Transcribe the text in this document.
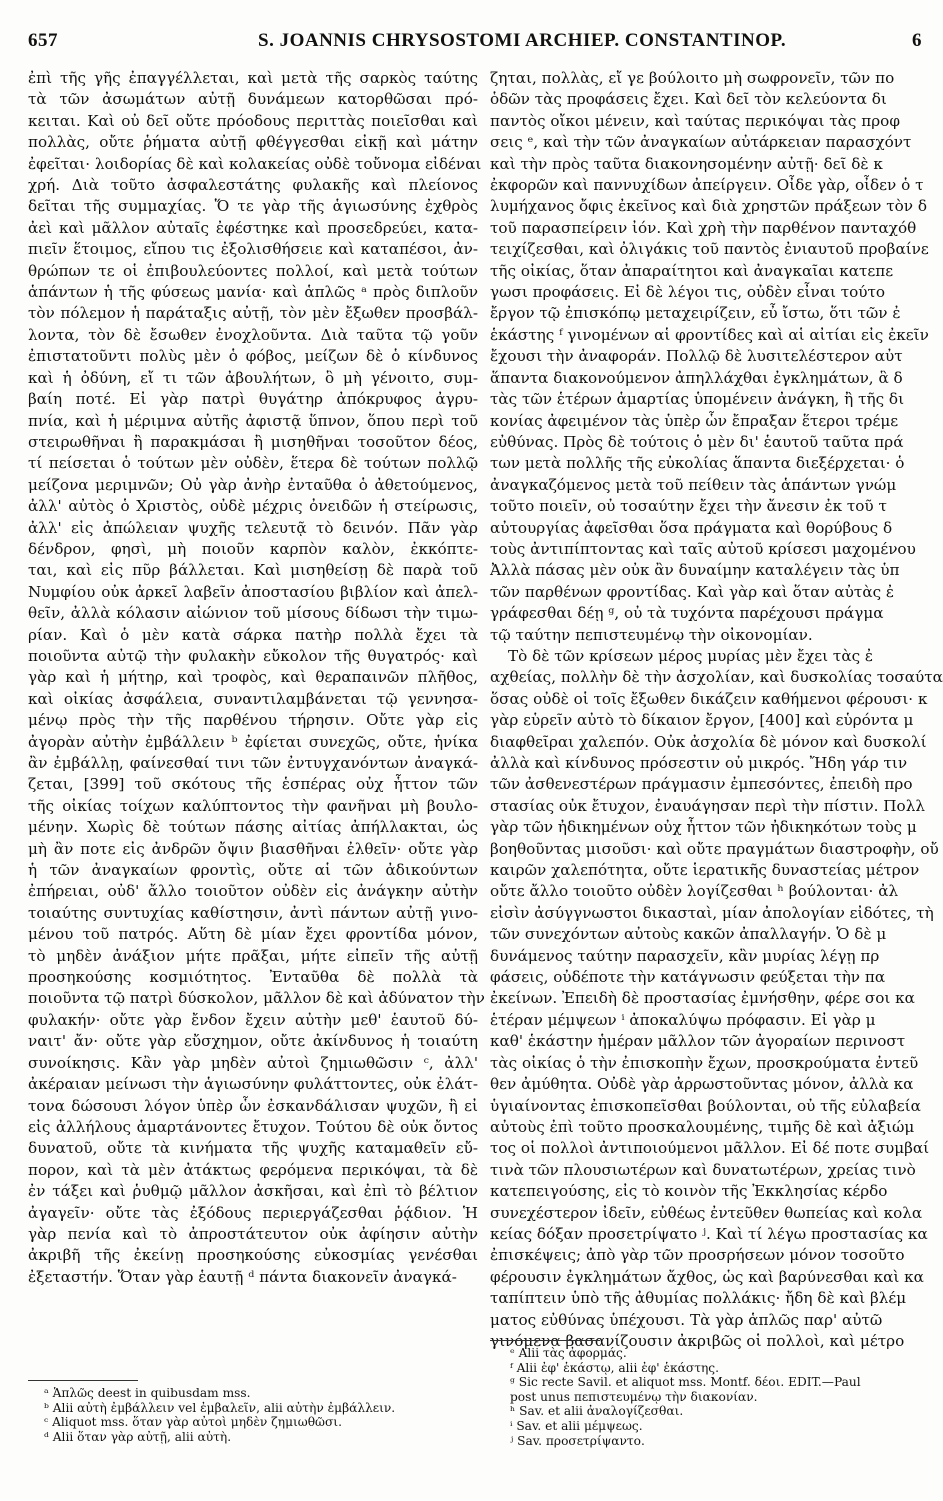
657	S. JOANNIS CHRYSOSTOMI ARCHIEP. CONSTANTINOP.	6
ἐπὶ τῆς γῆς ἐπαγγέλλεται, καὶ μετὰ τῆς σαρκὸς ταύτης
τὰ τῶν ἀσωμάτων αὐτῇ δυνάμεων κατορθῶσαι πρό-
κειται. Καὶ οὐ δεῖ οὔτε πρόοδους περιττὰς ποιεῖσθαι καὶ
πολλὰς, οὔτε ῥήματα αὐτῇ φθέγγεσθαι εἰκῇ καὶ μάτην
ἐφεῖται· λοιδορίας δὲ καὶ κολακείας οὐδὲ τοὔνομα εἰδέναι
χρή. Διὰ τοῦτο ἀσφαλεστάτης φυλακῆς καὶ πλείονος
δεῖται τῆς συμμαχίας. Ὅ τε γὰρ τῆς ἁγιωσύνης ἐχθρὸς
ἀεὶ καὶ μᾶλλον αὐταῖς ἐφέστηκε καὶ προσεδρεύει, κατα-
πιεῖν ἕτοιμος, εἴπου τις ἐξολισθήσειε καὶ καταπέσοι, ἀν-
θρώπων τε οἱ ἐπιβουλεύοντες πολλοί, καὶ μετὰ τούτων
ἁπάντων ἡ τῆς φύσεως μανία· καὶ ἁπλῶς ᵃ πρὸς διπλοῦν
τὸν πόλεμον ἡ παράταξις αὐτῇ, τὸν μὲν ἔξωθεν προσβάλ-
λοντα, τὸν δὲ ἔσωθεν ἐνοχλοῦντα. Διὰ ταῦτα τῷ γοῦν
ἐπιστατοῦντι πολὺς μὲν ὁ φόβος, μείζων δὲ ὁ κίνδυνος
καὶ ἡ ὀδύνη, εἴ τι τῶν ἀβουλήτων, ὃ μὴ γένοιτο, συμ-
βαίη ποτέ. Εἰ γὰρ πατρὶ θυγάτηρ ἀπόκρυφος ἀγρυ-
πνία, καὶ ἡ μέριμνα αὐτῆς ἀφιστᾷ ὕπνον, ὅπου περὶ τοῦ
στειρωθῆναι ἢ παρακμάσαι ἢ μισηθῆναι τοσοῦτον δέος,
τί πείσεται ὁ τούτων μὲν οὐδὲν, ἕτερα δὲ τούτων πολλῷ
μείζονα μεριμνῶν; Οὐ γὰρ ἀνὴρ ἐνταῦθα ὁ ἀθετούμενος,
ἀλλ' αὐτὸς ὁ Χριστὸς, οὐδὲ μέχρις ὀνειδῶν ἡ στείρωσις,
ἀλλ' εἰς ἀπώλειαν ψυχῆς τελευτᾷ τὸ δεινόν. Πᾶν γὰρ
δένδρον, φησὶ, μὴ ποιοῦν καρπὸν καλὸν, ἐκκόπτε-
ται, καὶ εἰς πῦρ βάλλεται. Καὶ μισηθείσῃ δὲ παρὰ τοῦ
Νυμφίου οὐκ ἀρκεῖ λαβεῖν ἀποστασίου βιβλίον καὶ ἀπελ-
θεῖν, ἀλλὰ κόλασιν αἰώνιον τοῦ μίσους δίδωσι τὴν τιμω-
ρίαν. Καὶ ὁ μὲν κατὰ σάρκα πατὴρ πολλὰ ἔχει τὰ
ποιοῦντα αὐτῷ τὴν φυλακὴν εὔκολον τῆς θυγατρός· καὶ
γὰρ καὶ ἡ μήτηρ, καὶ τροφὸς, καὶ θεραπαινῶν πλῆθος,
καὶ οἰκίας ἀσφάλεια, συναντιλαμβάνεται τῷ γεννησα-
μένῳ πρὸς τὴν τῆς παρθένου τήρησιν. Οὔτε γὰρ εἰς
ἀγορὰν αὐτὴν ἐμβάλλειν ᵇ ἐφίεται συνεχῶς, οὔτε, ἡνίκα
ἂν ἐμβάλλῃ, φαίνεσθαί τινι τῶν ἐντυγχανόντων ἀναγκά-
ζεται, [399] τοῦ σκότους τῆς ἑσπέρας οὐχ ἧττον τῶν
τῆς οἰκίας τοίχων καλύπτοντος τὴν φανῆναι μὴ βουλο-
μένην. Χωρὶς δὲ τούτων πάσης αἰτίας ἀπήλλακται, ὡς
μὴ ἂν ποτε εἰς ἀνδρῶν ὄψιν βιασθῆναι ἐλθεῖν· οὔτε γὰρ
ἡ τῶν ἀναγκαίων φροντὶς, οὔτε αἱ τῶν ἀδικούντων
ἐπήρειαι, οὐδ' ἄλλο τοιοῦτον οὐδὲν εἰς ἀνάγκην αὐτὴν
τοιαύτης συντυχίας καθίστησιν, ἀντὶ πάντων αὐτῇ γινο-
μένου τοῦ πατρός. Αὕτη δὲ μίαν ἔχει φροντίδα μόνον,
τὸ μηδὲν ἀνάξιον μήτε πρᾶξαι, μήτε εἰπεῖν τῆς αὐτῇ
προσηκούσης κοσμιότητος. Ἐνταῦθα δὲ πολλὰ τὰ
ποιοῦντα τῷ πατρὶ δύσκολον, μᾶλλον δὲ καὶ ἀδύνατον τὴν
φυλακήν· οὔτε γὰρ ἔνδον ἔχειν αὐτὴν μεθ' ἑαυτοῦ δύ-
ναιτ' ἄν· οὔτε γὰρ εὔσχημον, οὔτε ἀκίνδυνος ἡ τοιαύτη
συνοίκησις. Κἂν γὰρ μηδὲν αὐτοὶ ζημιωθῶσιν ᶜ, ἀλλ'
ἀκέραιαν μείνωσι τὴν ἁγιωσύνην φυλάττοντες, οὐκ ἐλάτ-
τονα δώσουσι λόγον ὑπὲρ ὧν ἐσκανδάλισαν ψυχῶν, ἢ εἰ
εἰς ἀλλήλους ἁμαρτάνοντες ἔτυχον. Τούτου δὲ οὐκ ὄντος
δυνατοῦ, οὔτε τὰ κινήματα τῆς ψυχῆς καταμαθεῖν εὔ-
πορον, καὶ τὰ μὲν ἀτάκτως φερόμενα περικόψαι, τὰ δὲ
ἐν τάξει καὶ ῥυθμῷ μᾶλλον ἀσκῆσαι, καὶ ἐπὶ τὸ βέλτιον
ἀγαγεῖν· οὔτε τὰς ἐξόδους περιεργάζεσθαι ῥᾴδιον. Ἡ
γὰρ πενία καὶ τὸ ἀπροστάτευτον οὐκ ἀφίησιν αὐτὴν
ἀκριβῆ τῆς ἐκείνῃ προσηκούσης εὐκοσμίας γενέσθαι
ἐξεταστήν. Ὅταν γὰρ ἑαυτῇ ᵈ πάντα διακονεῖν ἀναγκά-
ζηται, πολλὰς, εἴ γε βούλοιτο μὴ σωφρονεῖν, τῶν πο
ὁδῶν τὰς προφάσεις ἔχει. Καὶ δεῖ τὸν κελεύοντα δι
παντὸς οἴκοι μένειν, καὶ ταύτας περικόψαι τὰς προφ
σεις ᵉ, καὶ τὴν τῶν ἀναγκαίων αὐτάρκειαν παρασχόντ
καὶ τὴν πρὸς ταῦτα διακονησομένην αὐτῇ· δεῖ δὲ κ
ἐκφορῶν καὶ παννυχίδων ἀπείργειν. Οἶδε γὰρ, οἶδεν ὁ τ
λυμήχανος ὄφις ἐκεῖνος καὶ διὰ χρηστῶν πράξεων τὸν δ
τοῦ παρασπείρειν ἰόν. Καὶ χρὴ τὴν παρθένον πανταχόθ
τειχίζεσθαι, καὶ ὀλιγάκις τοῦ παντὸς ἐνιαυτοῦ προβαίνε
τῆς οἰκίας, ὅταν ἀπαραίτητοι καὶ ἀναγκαῖαι κατεπε
γωσι προφάσεις. Εἰ δὲ λέγοι τις, οὐδὲν εἶναι τούτο
ἔργον τῷ ἐπισκόπῳ μεταχειρίζειν, εὖ ἴστω, ὅτι τῶν ἐ
ἑκάστης ᶠ γινομένων αἱ φροντίδες καὶ αἱ αἰτίαι εἰς ἐκεῖν
ἔχουσι τὴν ἀναφοράν. Πολλῷ δὲ λυσιτελέστερον αὐτ
ἅπαντα διακονούμενον ἀπηλλάχθαι ἐγκλημάτων, ἃ δ
τὰς τῶν ἑτέρων ἁμαρτίας ὑπομένειν ἀνάγκη, ἢ τῆς δι
κονίας ἀφειμένον τὰς ὑπὲρ ὧν ἔπραξαν ἕτεροι τρέμε
εὐθύνας. Πρὸς δὲ τούτοις ὁ μὲν δι' ἑαυτοῦ ταῦτα πρά
των μετὰ πολλῆς τῆς εὐκολίας ἅπαντα διεξέρχεται· ὁ
ἀναγκαζόμενος μετὰ τοῦ πείθειν τὰς ἁπάντων γνώμ
τοῦτο ποιεῖν, οὐ τοσαύτην ἔχει τὴν ἄνεσιν ἐκ τοῦ τ
αὐτουργίας ἀφεῖσθαι ὅσα πράγματα καὶ θορύβους δ
τοὺς ἀντιπίπτοντας καὶ ταῖς αὐτοῦ κρίσεσι μαχομένου
Ἀλλὰ πάσας μὲν οὐκ ἂν δυναίμην καταλέγειν τὰς ὑπ
τῶν παρθένων φροντίδας. Καὶ γὰρ καὶ ὅταν αὐτὰς ἐ
γράφεσθαι δέῃ ᵍ, οὐ τὰ τυχόντα παρέχουσι πράγμα
τῷ ταύτην πεπιστευμένῳ τὴν οἰκονομίαν.
Τὸ δὲ τῶν κρίσεων μέρος μυρίας μὲν ἔχει τὰς ἐ
αχθείας, πολλὴν δὲ τὴν ἀσχολίαν, καὶ δυσκολίας τοσαύτα
ὅσας οὐδὲ οἱ τοῖς ἔξωθεν δικάζειν καθήμενοι φέρουσι· κ
γὰρ εὑρεῖν αὐτὸ τὸ δίκαιον ἔργον, [400] καὶ εὑρόντα μ
διαφθεῖραι χαλεπόν. Οὐκ ἀσχολία δὲ μόνον καὶ δυσκολί
ἀλλὰ καὶ κίνδυνος πρόσεστιν οὐ μικρός. Ἤδη γάρ τιν
τῶν ἀσθενεστέρων πράγμασιν ἐμπεσόντες, ἐπειδὴ προ
στασίας οὐκ ἔτυχον, ἐναυάγησαν περὶ τὴν πίστιν. Πολλ
γὰρ τῶν ἠδικημένων οὐχ ἧττον τῶν ἠδικηκότων τοὺς μ
βοηθοῦντας μισοῦσι· καὶ οὔτε πραγμάτων διαστροφὴν, οὔ
καιρῶν χαλεπότητα, οὔτε ἱερατικῆς δυναστείας μέτρον
οὔτε ἄλλο τοιοῦτο οὐδὲν λογίζεσθαι ʰ βούλονται· ἀλ
εἰσὶν ἀσύγγνωστοι δικασταὶ, μίαν ἀπολογίαν εἰδότες, τὴ
τῶν συνεχόντων αὐτοὺς κακῶν ἀπαλλαγήν. Ὁ δὲ μ
δυνάμενος ταύτην παρασχεῖν, κἂν μυρίας λέγῃ πρ
φάσεις, οὐδέποτε τὴν κατάγνωσιν φεύξεται τὴν πα
ἐκείνων. Ἐπειδὴ δὲ προστασίας ἐμνήσθην, φέρε σοι κα
ἑτέραν μέμψεων ⁱ ἀποκαλύψω πρόφασιν. Εἰ γὰρ μ
καθ' ἑκάστην ἡμέραν μᾶλλον τῶν ἀγοραίων περινοστ
τὰς οἰκίας ὁ τὴν ἐπισκοπὴν ἔχων, προσκρούματα ἐντεῦ
θεν ἀμύθητα. Οὐδὲ γὰρ ἀρρωστοῦντας μόνον, ἀλλὰ κα
ὑγιαίνοντας ἐπισκοπεῖσθαι βούλονται, οὐ τῆς εὐλαβεία
αὐτοὺς ἐπὶ τοῦτο προσκαλουμένης, τιμῆς δὲ καὶ ἀξιώμ
τος οἱ πολλοὶ ἀντιποιούμενοι μᾶλλον. Εἰ δέ ποτε συμβαί
τινὰ τῶν πλουσιωτέρων καὶ δυνατωτέρων, χρείας τινὸ
κατεπειγούσης, εἰς τὸ κοινὸν τῆς Ἐκκλησίας κέρδο
συνεχέστερον ἰδεῖν, εὐθέως ἐντεῦθεν θωπείας καὶ κολα
κείας δόξαν προσετρίψατο ʲ. Καὶ τί λέγω προστασίας κα
ἐπισκέψεις; ἀπὸ γὰρ τῶν προσρήσεων μόνον τοσοῦτο
φέρουσιν ἐγκλημάτων ἄχθος, ὡς καὶ βαρύνεσθαι καὶ κα
ταπίπτειν ὑπὸ τῆς ἀθυμίας πολλάκις· ἤδη δὲ καὶ βλέμ
ματος εὐθύνας ὑπέχουσι. Τὰ γὰρ ἁπλῶς παρ' αὐτῶ
γινόμενα βασανίζουσιν ἀκριβῶς οἱ πολλοὶ, καὶ μέτρο
ᵃ Ἁπλῶς deest in quibusdam mss.
ᵇ Alii αὐτὴ ἐμβάλλειν vel ἐμβαλεῖν, alii αὐτὴν ἐμβάλλειν.
ᶜ Aliquot mss. ὅταν γὰρ αὐτοὶ μηδὲν ζημιωθῶσι.
ᵈ Alii ὅταν γὰρ αὐτῇ, alii αὐτὴ.
ᵉ Alii τὰς ἀφορμάς.
ᶠ Alii ἐφ' ἑκάστῳ, alii ἐφ' ἑκάστης.
ᵍ Sic recte Savil. et aliquot mss. Montf. δέοι. EDIT.—Paul
post unus πεπιστευμένῳ τὴν διακονίαν.
ʰ Sav. et alii ἀναλογίζεσθαι.
ⁱ Sav. et alii μέμψεως.
ʲ Sav. προσετρίψαντο.
